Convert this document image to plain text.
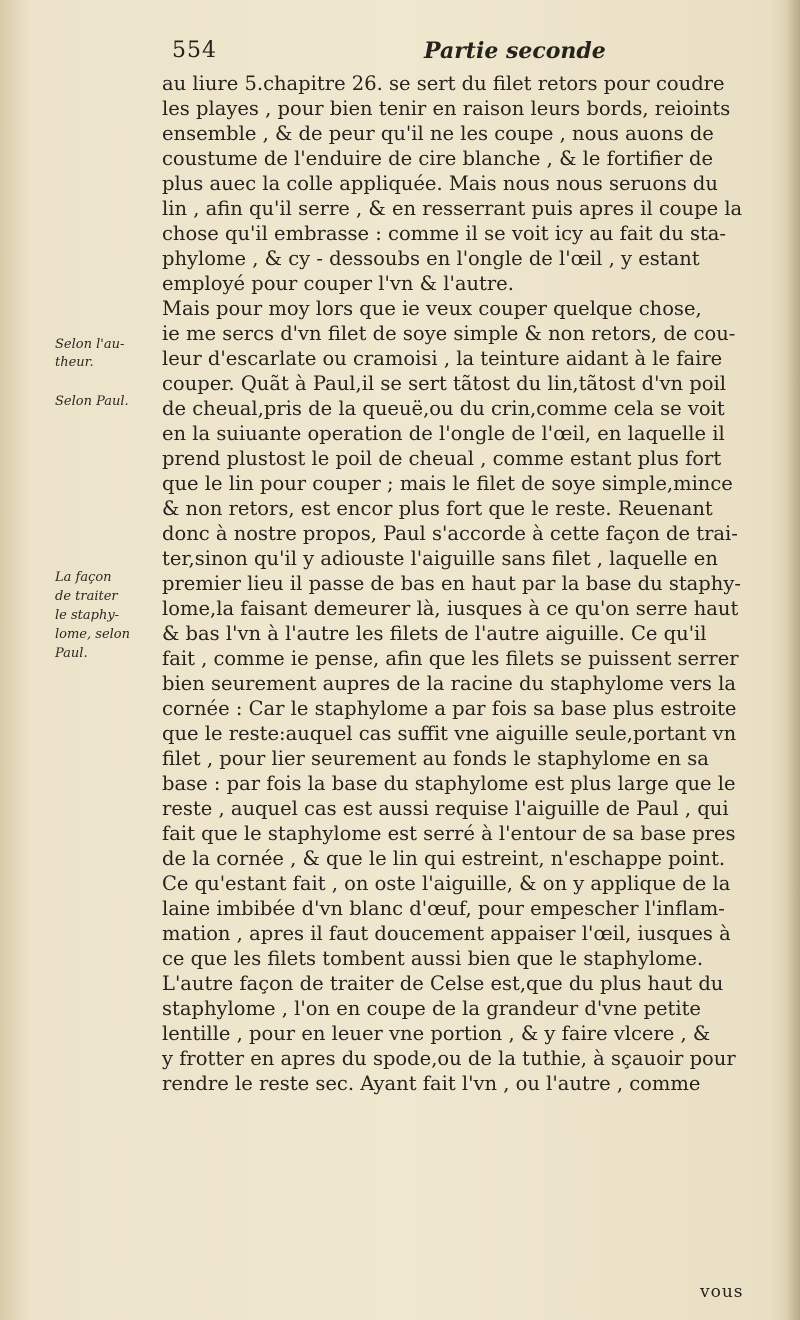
554	Partie seconde
au liure 5.chapitre 26. se sert du filet retors pour coudre
les playes , pour bien tenir en raison leurs bords, reioints
ensemble , & de peur qu'il ne les coupe , nous auons de
coustume de l'enduire de cire blanche , & le fortifier de
plus auec la colle appliquée. Mais nous nous seruons du
lin , afin qu'il serre , & en resserrant puis apres il coupe la
chose qu'il embrasse : comme il se voit icy au fait du sta-
phylome , & cy - dessoubs en l'ongle de l'œil , y estant
employé pour couper l'vn & l'autre.
Mais pour moy lors que ie veux couper quelque chose,
ie me sercs d'vn filet de soye simple & non retors, de cou-
leur d'escarlate ou cramoisi , la teinture aidant à le faire
couper. Quãt à Paul,il se sert tãtost du lin,tãtost d'vn poil
de cheual,pris de la queuë,ou du crin,comme cela se voit
en la suiuante operation de l'ongle de l'œil, en laquelle il
prend plustost le poil de cheual , comme estant plus fort
que le lin pour couper ; mais le filet de soye simple,mince
& non retors, est encor plus fort que le reste. Reuenant
donc à nostre propos, Paul s'accorde à cette façon de trai-
ter,sinon qu'il y adiouste l'aiguille sans filet , laquelle en
premier lieu il passe de bas en haut par la base du staphy-
lome,la faisant demeurer là, iusques à ce qu'on serre haut
& bas l'vn à l'autre les filets de l'autre aiguille. Ce qu'il
fait , comme ie pense, afin que les filets se puissent serrer
bien seurement aupres de la racine du staphylome vers la
cornée : Car le staphylome a par fois sa base plus estroite
que le reste:auquel cas suffit vne aiguille seule,portant vn
filet , pour lier seurement au fonds le staphylome en sa
base : par fois la base du staphylome est plus large que le
reste , auquel cas est aussi requise l'aiguille de Paul , qui
fait que le staphylome est serré à l'entour de sa base pres
de la cornée , & que le lin qui estreint, n'eschappe point.
Ce qu'estant fait , on oste l'aiguille, & on y applique de la
laine imbibée d'vn blanc d'œuf, pour empescher l'inflam-
mation , apres il faut doucement appaiser l'œil, iusques à
ce que les filets tombent aussi bien que le staphylome.
L'autre façon de traiter de Celse est,que du plus haut du
staphylome , l'on en coupe de la grandeur d'vne petite
lentille , pour en leuer vne portion , & y faire vlcere , &
y frotter en apres du spode,ou de la tuthie, à sçauoir pour
rendre le reste sec. Ayant fait l'vn , ou l'autre , comme
Selon l'au-
theur.
Selon Paul.
La façon
de traiter
le staphy-
lome, selon
Paul.
vous
